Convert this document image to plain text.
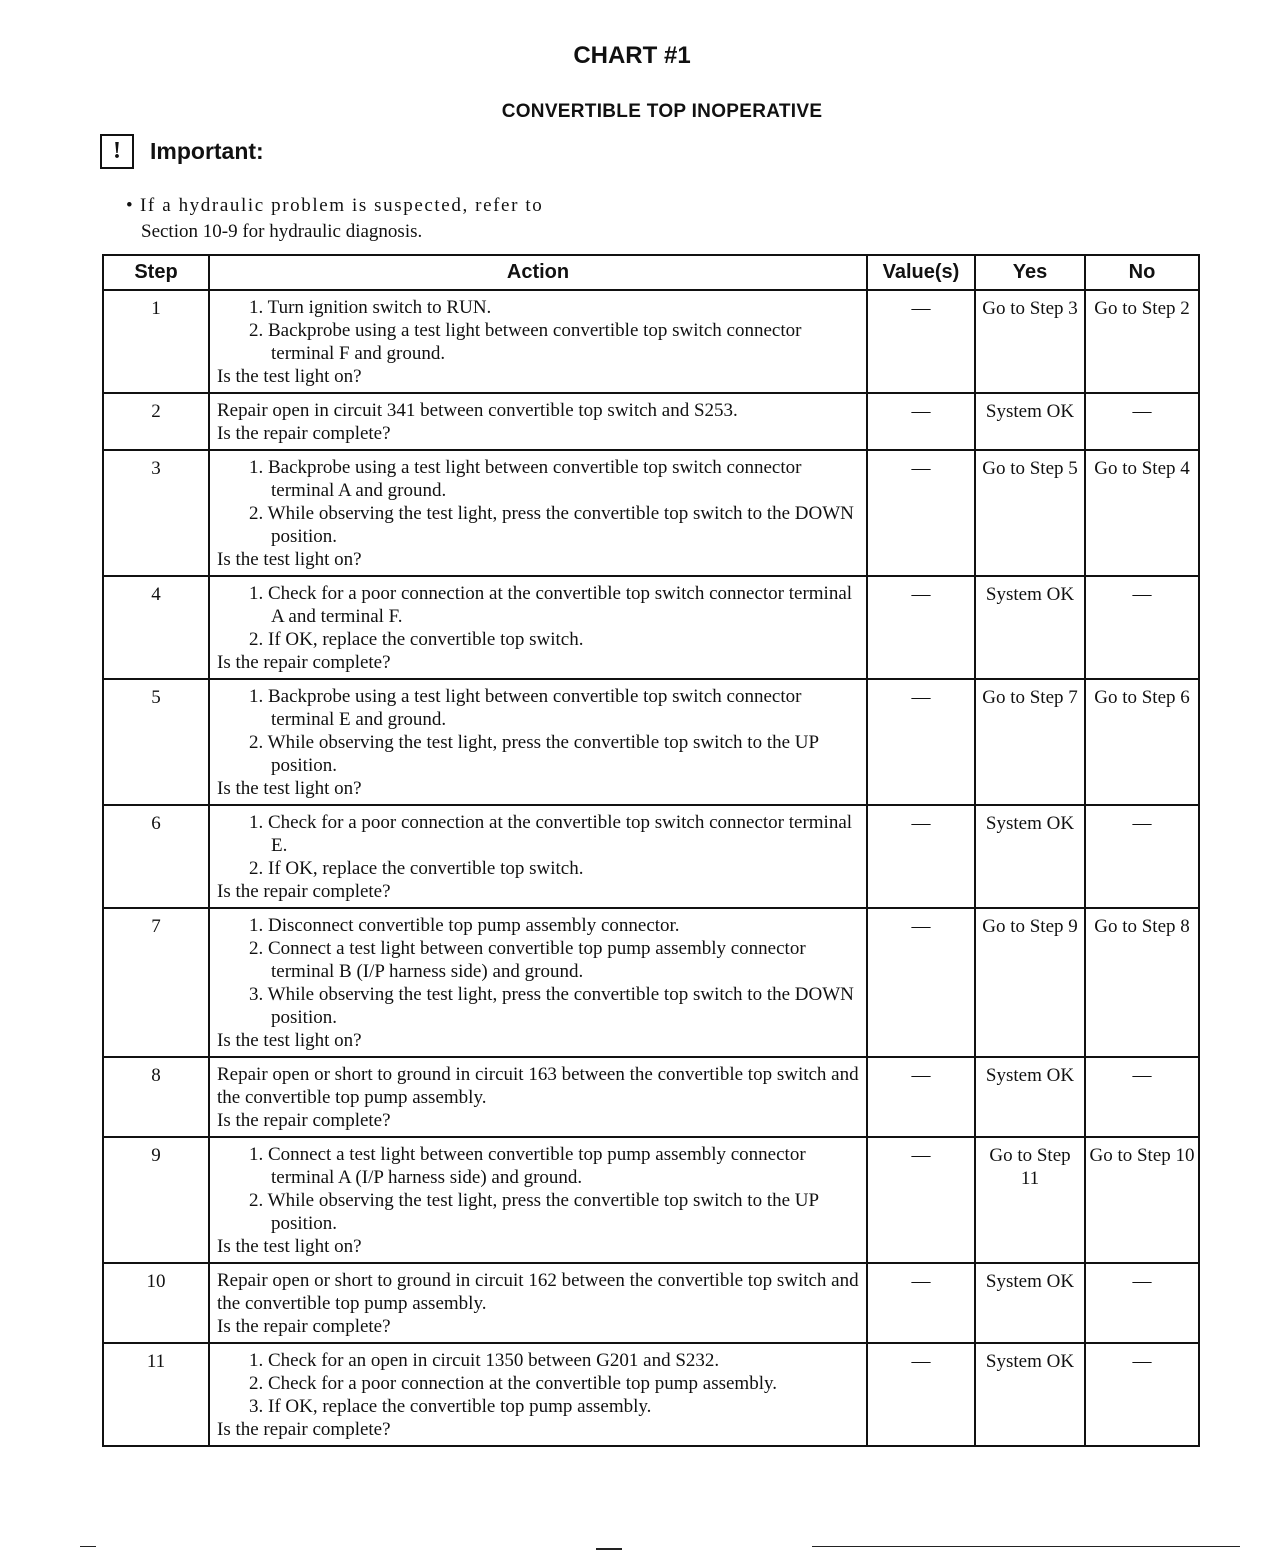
CHART #1
CONVERTIBLE TOP INOPERATIVE
!	Important:
• If a hydraulic problem is suspected, refer to
Section 10-9 for hydraulic diagnosis.
Step	Action	Value(s)	Yes	No
1	1. Turn ignition switch to RUN.
2. Backprobe using a test light between convertible top switch connector terminal F and ground.
Is the test light on?	—	Go to Step 3	Go to Step 2
2	Repair open in circuit 341 between convertible top switch and S253.
Is the repair complete?	—	System OK	—
3	1. Backprobe using a test light between convertible top switch connector terminal A and ground.
2. While observing the test light, press the convertible top switch to the DOWN position.
Is the test light on?	—	Go to Step 5	Go to Step 4
4	1. Check for a poor connection at the convertible top switch connector terminal A and terminal F.
2. If OK, replace the convertible top switch.
Is the repair complete?	—	System OK	—
5	1. Backprobe using a test light between convertible top switch connector terminal E and ground.
2. While observing the test light, press the convertible top switch to the UP position.
Is the test light on?	—	Go to Step 7	Go to Step 6
6	1. Check for a poor connection at the convertible top switch connector terminal E.
2. If OK, replace the convertible top switch.
Is the repair complete?	—	System OK	—
7	1. Disconnect convertible top pump assembly connector.
2. Connect a test light between convertible top pump assembly connector terminal B (I/P harness side) and ground.
3. While observing the test light, press the convertible top switch to the DOWN position.
Is the test light on?	—	Go to Step 9	Go to Step 8
8	Repair open or short to ground in circuit 163 between the convertible top switch and the convertible top pump assembly.
Is the repair complete?	—	System OK	—
9	1. Connect a test light between convertible top pump assembly connector terminal A (I/P harness side) and ground.
2. While observing the test light, press the convertible top switch to the UP position.
Is the test light on?	—	Go to Step 11	Go to Step 10
10	Repair open or short to ground in circuit 162 between the convertible top switch and the convertible top pump assembly.
Is the repair complete?	—	System OK	—
11	1. Check for an open in circuit 1350 between G201 and S232.
2. Check for a poor connection at the convertible top pump assembly.
3. If OK, replace the convertible top pump assembly.
Is the repair complete?	—	System OK	—
